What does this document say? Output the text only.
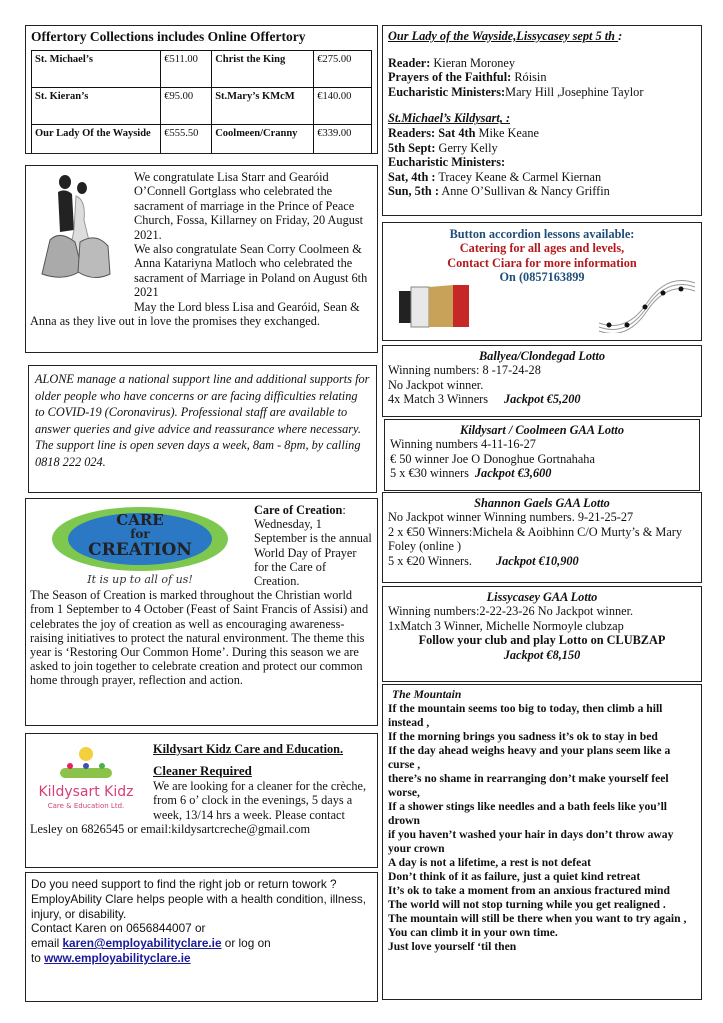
Offertory Collections includes Online Offertory
St. Michael’s	€511.00	Christ the King	€275.00
St. Kieran’s	€95.00	St.Mary’s KMcM	€140.00
Our Lady Of the Wayside	€555.50	Coolmeen/Cranny	€339.00

We congratulate Lisa Starr and Gearóid O’Connell Gortglass who celebrated the sacrament of marriage in the Prince of Peace Church, Fossa, Killarney on Friday, 20 August 2021.

We also congratulate Sean Corry Coolmeen & Anna Katariyna Matloch who celebrated the sacrament of Marriage in Poland on August 6th 2021

May the Lord bless Lisa and Gearóid, Sean & Anna as they live out in love the promises they exchanged.

ALONE manage a national support line and additional supports for older people who have concerns or are facing difficulties relating to COVID-19 (Coronavirus). Professional staff are available to answer queries and give advice and reassurance where necessary. The support line is open seven days a week, 8am - 8pm, by calling 0818 222 024.

CARE
for
CREATION
It is up to all of us!

Care of Creation: Wednesday, 1 September is the annual World Day of Prayer for the Care of Creation.

The Season of Creation is marked throughout the Christian world from 1 September to 4 October (Feast of Saint Francis of Assisi) and celebrates the joy of creation as well as encouraging awareness-raising initiatives to protect the natural environment. The theme this year is ‘Restoring Our Common Home’. During this season we are asked to join together to celebrate creation and protect our common home through prayer, reflection and action.

Kildysart Kidz
Care & Education Ltd.

Kildysart Kidz Care and Education.

Cleaner Required

We are looking for a cleaner for the crèche, from 6 o’ clock in the evenings, 5 days a week, 13/14 hrs a week. Please contact Lesley on 6826545 or email:kildysartcreche@gmail.com

Do you need support to find the right job or return towork ?

EmployAbility Clare helps people with a health condition, illness, injury, or disability.

Contact Karen on 0656844007 or

email karen@employabilityclare.ie or log on

to www.employabilityclare.ie

Our Lady of the Wayside,Lissycasey sept 5 th :

Reader: Kieran Moroney

Prayers of the Faithful: Róisin

Eucharistic Ministers:Mary Hill ,Josephine Taylor

St.Michael’s Kildysart, :

Readers: Sat 4th Mike Keane

5th Sept: Gerry Kelly

Eucharistic Ministers:

Sat, 4th : Tracey Keane & Carmel Kiernan

Sun, 5th : Anne O’Sullivan & Nancy Griffin

Button accordion lessons available:

Catering for all ages and levels,

Contact Ciara for more information

On (0857163899

Ballyea/Clondegad Lotto

Winning numbers: 8 -17-24-28

No Jackpot winner.

4x Match 3 Winners Jackpot €5,200

Kildysart / Coolmeen GAA Lotto

Winning numbers 4-11-16-27

€ 50 winner Joe O Donoghue Gortnahaha

5 x €30 winners Jackpot €3,600

Shannon Gaels GAA Lotto

No Jackpot winner Winning numbers. 9-21-25-27

2 x €50 Winners:Michela & Aoibhinn C/O Murty’s & Mary Foley (online )

5 x €20 Winners. Jackpot €10,900

Lissycasey GAA Lotto

Winning numbers:2-22-23-26 No Jackpot winner.

1xMatch 3 Winner, Michelle Normoyle clubzap

Follow your club and play Lotto on CLUBZAP

Jackpot €8,150

The Mountain

If the mountain seems too big to today, then climb a hill instead ,

If the morning brings you sadness it’s ok to stay in bed

If the day ahead weighs heavy and your plans seem like a curse ,

there’s no shame in rearranging don’t make yourself feel worse,

If a shower stings like needles and a bath feels like you’ll drown

if you haven’t washed your hair in days don’t throw away your crown

A day is not a lifetime, a rest is not defeat

Don’t think of it as failure, just a quiet kind retreat

It’s ok to take a moment from an anxious fractured mind

The world will not stop turning while you get realigned .

The mountain will still be there when you want to try again ,

You can climb it in your own time.

Just love yourself ‘til then
